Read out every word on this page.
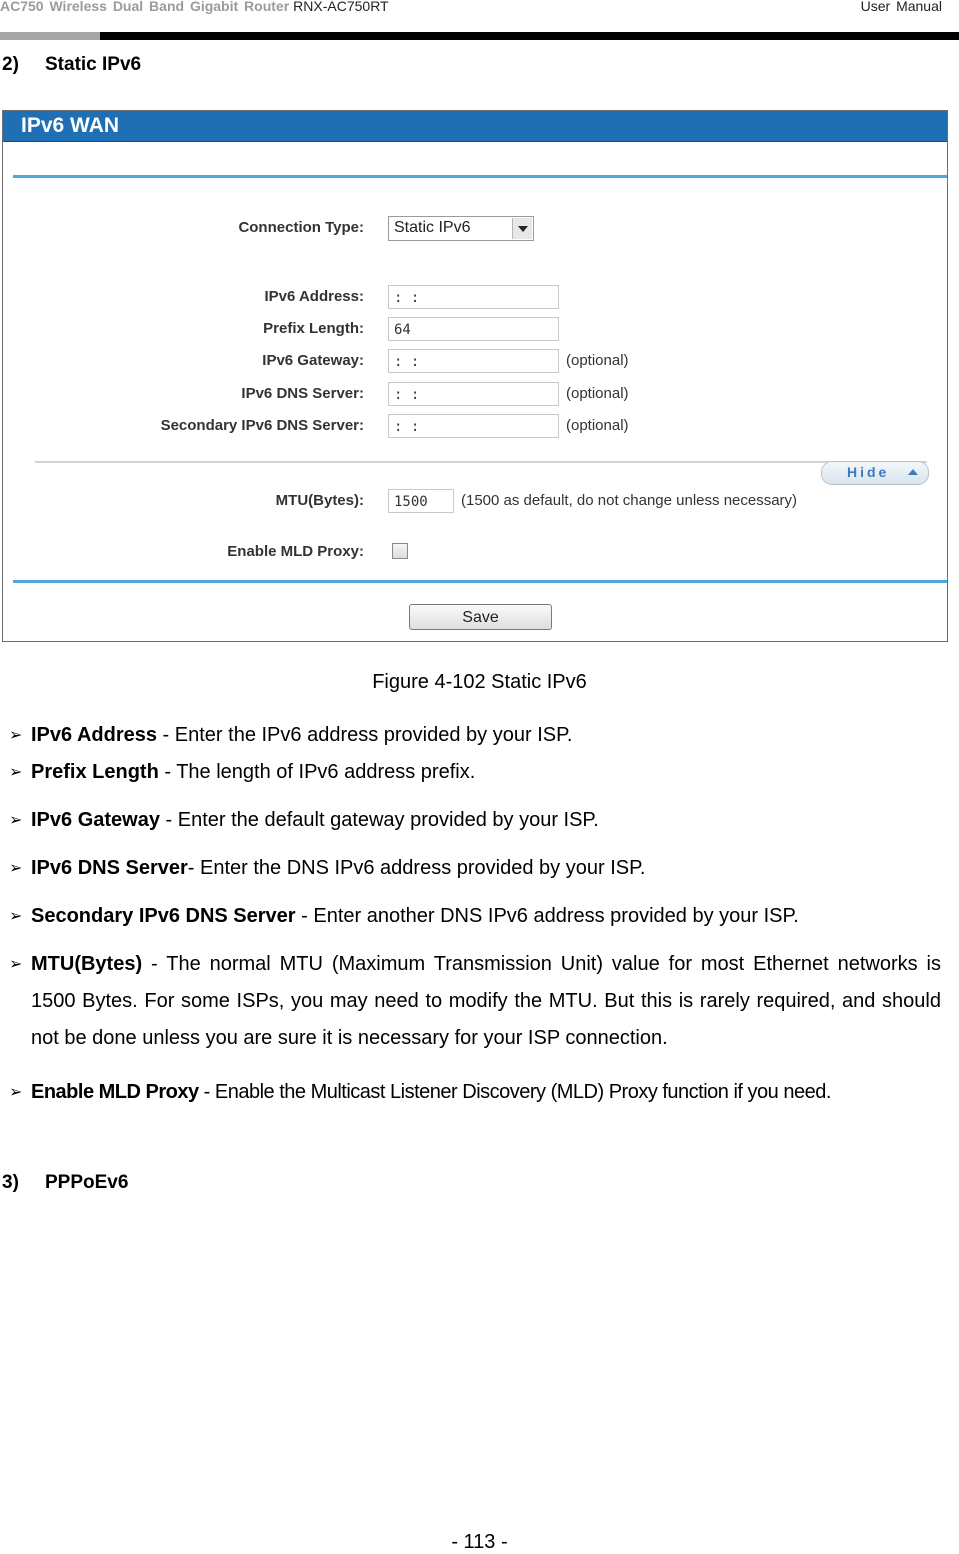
AC750 Wireless Dual Band Gigabit Router RNX-AC750RT	User Manual
2) Static IPv6
IPv6 WAN
Connection Type: Static IPv6
IPv6 Address:	: :
Prefix Length:	64
IPv6 Gateway:	: :	(optional)
IPv6 DNS Server:	: :	(optional)
Secondary IPv6 DNS Server:	: :	(optional)
Hide
MTU(Bytes):	1500	(1500 as default, do not change unless necessary)
Enable MLD Proxy:
Save
Figure 4-102 Static IPv6
➢ IPv6 Address - Enter the IPv6 address provided by your ISP.
➢ Prefix Length - The length of IPv6 address prefix.
➢ IPv6 Gateway - Enter the default gateway provided by your ISP.
➢ IPv6 DNS Server- Enter the DNS IPv6 address provided by your ISP.
➢ Secondary IPv6 DNS Server - Enter another DNS IPv6 address provided by your ISP.
➢ MTU(Bytes) - The normal MTU (Maximum Transmission Unit) value for most Ethernet networks is 1500 Bytes. For some ISPs, you may need to modify the MTU. But this is rarely required, and should not be done unless you are sure it is necessary for your ISP connection.
➢ Enable MLD Proxy - Enable the Multicast Listener Discovery (MLD) Proxy function if you need.
3) PPPoEv6
- 113 -
